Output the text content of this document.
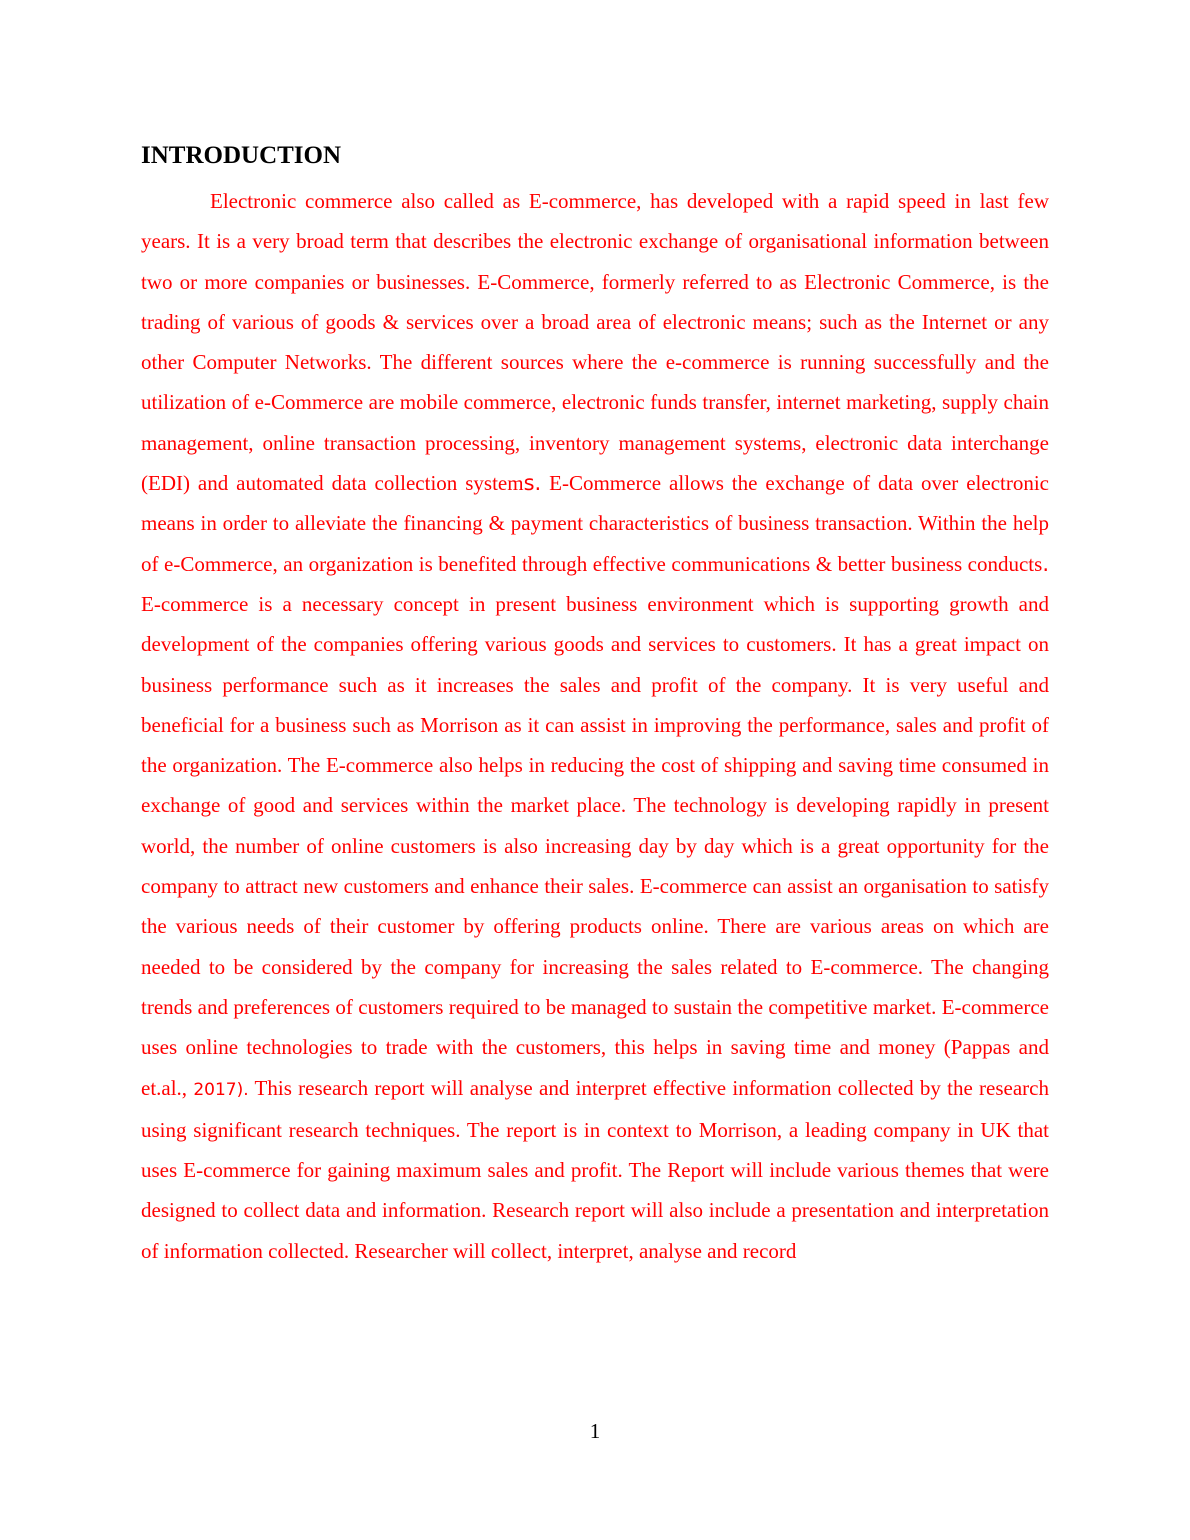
INTRODUCTION

Electronic commerce also called as E-commerce, has developed with a rapid speed in last few years. It is a very broad term that describes the electronic exchange of organisational information between two or more companies or businesses. E-Commerce, formerly referred to as Electronic Commerce, is the trading of various of goods & services over a broad area of electronic means; such as the Internet or any other Computer Networks. The different sources where the e-commerce is running successfully and the utilization of e-Commerce are mobile commerce, electronic funds transfer, internet marketing, supply chain management, online transaction processing, inventory management systems, electronic data interchange (EDI) and automated data collection systems. E-Commerce allows the exchange of data over electronic means in order to alleviate the financing & payment characteristics of business transaction. Within the help of e-Commerce, an organization is benefited through effective communications & better business conducts. E-commerce is a necessary concept in present business environment which is supporting growth and development of the companies offering various goods and services to customers. It has a great impact on business performance such as it increases the sales and profit of the company. It is very useful and beneficial for a business such as Morrison as it can assist in improving the performance, sales and profit of the organization. The E-commerce also helps in reducing the cost of shipping and saving time consumed in exchange of good and services within the market place. The technology is developing rapidly in present world, the number of online customers is also increasing day by day which is a great opportunity for the company to attract new customers and enhance their sales. E-commerce can assist an organisation to satisfy the various needs of their customer by offering products online. There are various areas on which are needed to be considered by the company for increasing the sales related to E-commerce. The changing trends and preferences of customers required to be managed to sustain the competitive market. E-commerce uses online technologies to trade with the customers, this helps in saving time and money (Pappas and et.al., 2017). This research report will analyse and interpret effective information collected by the research using significant research techniques. The report is in context to Morrison, a leading company in UK that uses E-commerce for gaining maximum sales and profit. The Report will include various themes that were designed to collect data and information. Research report will also include a presentation and interpretation of information collected. Researcher will collect, interpret, analyse and record

1
